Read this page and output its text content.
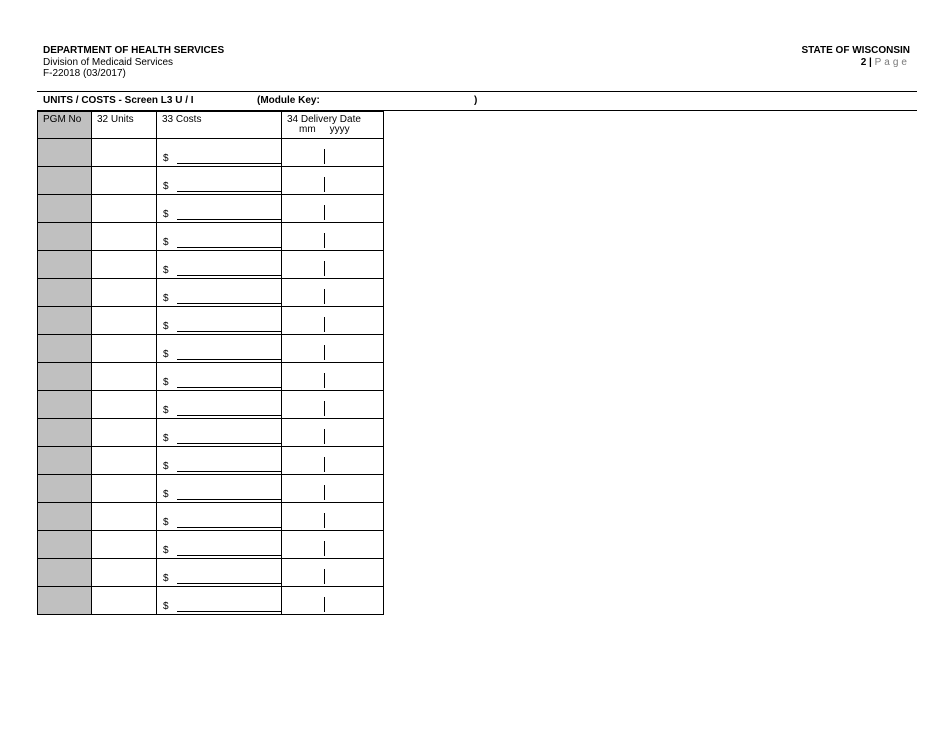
DEPARTMENT OF HEALTH SERVICES
Division of Medicaid Services
F-22018 (03/2017)
STATE OF WISCONSIN
2 | Page
UNITS / COSTS - Screen L3 U / I	(Module Key:	)
PGM No	32 Units	33 Costs	34 Delivery Date
mm yyyy

		$	

		$	

		$	

		$	

		$	

		$	

		$	

		$	

		$	

		$	

		$	

		$	

		$	

		$	

		$	

		$	

		$	
